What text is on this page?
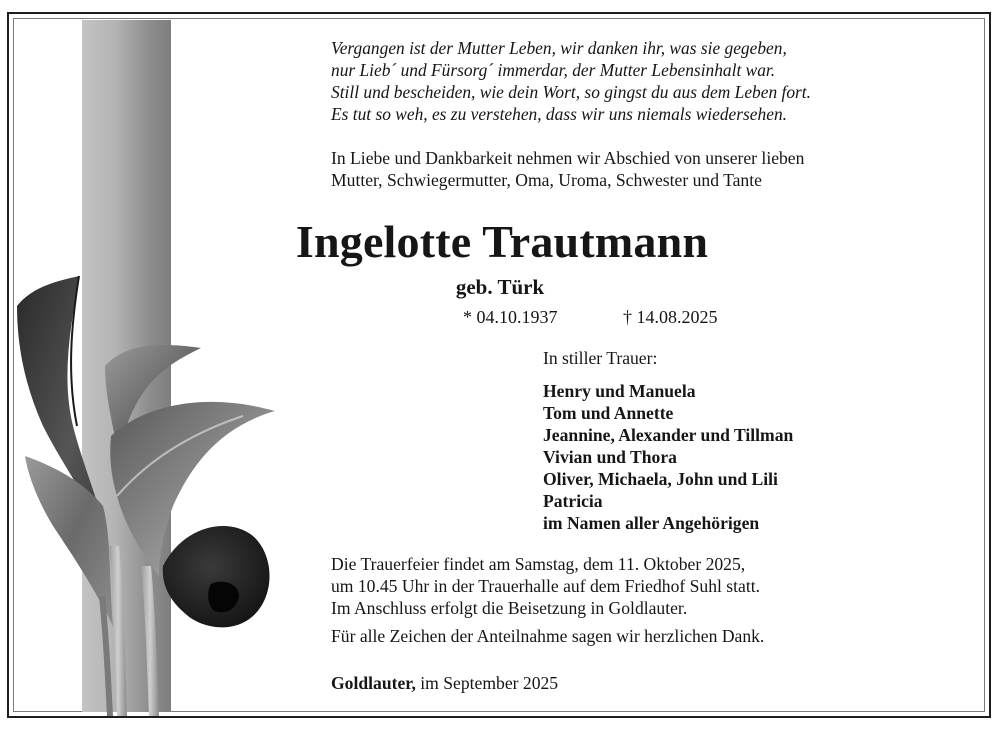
Vergangen ist der Mutter Leben, wir danken ihr, was sie gegeben,
nur Lieb´ und Fürsorg´ immerdar, der Mutter Lebensinhalt war.
Still und bescheiden, wie dein Wort, so gingst du aus dem Leben fort.
Es tut so weh, es zu verstehen, dass wir uns niemals wiedersehen.
In Liebe und Dankbarkeit nehmen wir Abschied von unserer lieben
Mutter, Schwiegermutter, Oma, Uroma, Schwester und Tante
Ingelotte Trautmann
geb. Türk
* 04.10.1937	† 14.08.2025
In stiller Trauer:
Henry und Manuela
Tom und Annette
Jeannine, Alexander und Tillman
Vivian und Thora
Oliver, Michaela, John und Lili
Patricia
im Namen aller Angehörigen
Die Trauerfeier findet am Samstag, dem 11. Oktober 2025,
um 10.45 Uhr in der Trauerhalle auf dem Friedhof Suhl statt.
Im Anschluss erfolgt die Beisetzung in Goldlauter.
Für alle Zeichen der Anteilnahme sagen wir herzlichen Dank.
Goldlauter, im September 2025
